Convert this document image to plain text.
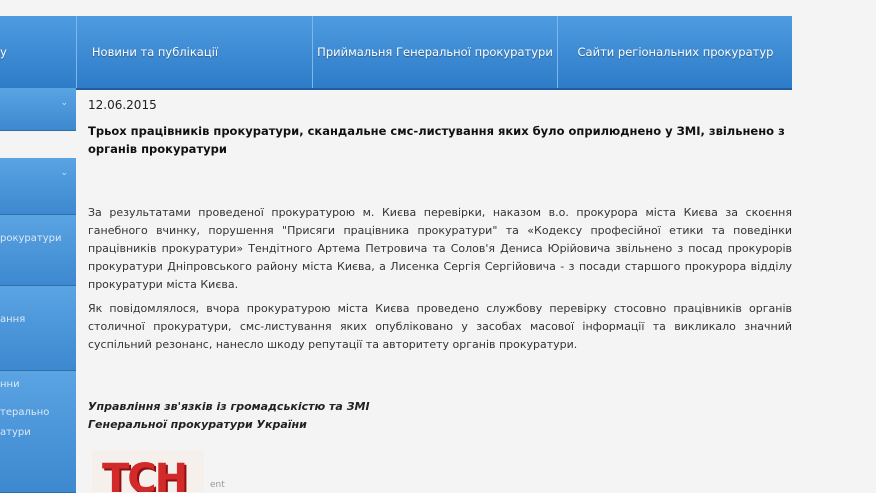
у	Новини та публікації	Приймальня Генеральної прокуратури	Сайти регіональних прокуратур
⌄
⌄
рокуратури
ання
нни
терально
атури
12.06.2015
Трьох працівників прокуратури, скандальне смс-листування яких було оприлюднено у ЗМІ, звільнено з органів прокуратури
За результатами проведеної прокуратурою м. Києва перевірки, наказом в.о. прокурора міста Києва за скоєння ганебного вчинку, порушення "Присяги працівника прокуратури" та «Кодексу професійної етики та поведінки працівників прокуратури» Тендітного Артема Петровича та Солов'я Дениса Юрійовича звільнено з посад прокурорів прокуратури Дніпровського району міста Києва, а Лисенка Сергія Сергійовича - з посади старшого прокурора відділу прокуратури міста Києва.
Як повідомлялося, вчора прокуратурою міста Києва проведено службову перевірку стосовно працівників органів столичної прокуратури, смс-листування яких опубліковано у засобах масової інформації та викликало значний суспільний резонанс, нанесло шкоду репутації та авторитету органів прокуратури.
Управління зв'язків із громадськістю та ЗМІ
Генеральної прокуратури України
ТСН	ent
